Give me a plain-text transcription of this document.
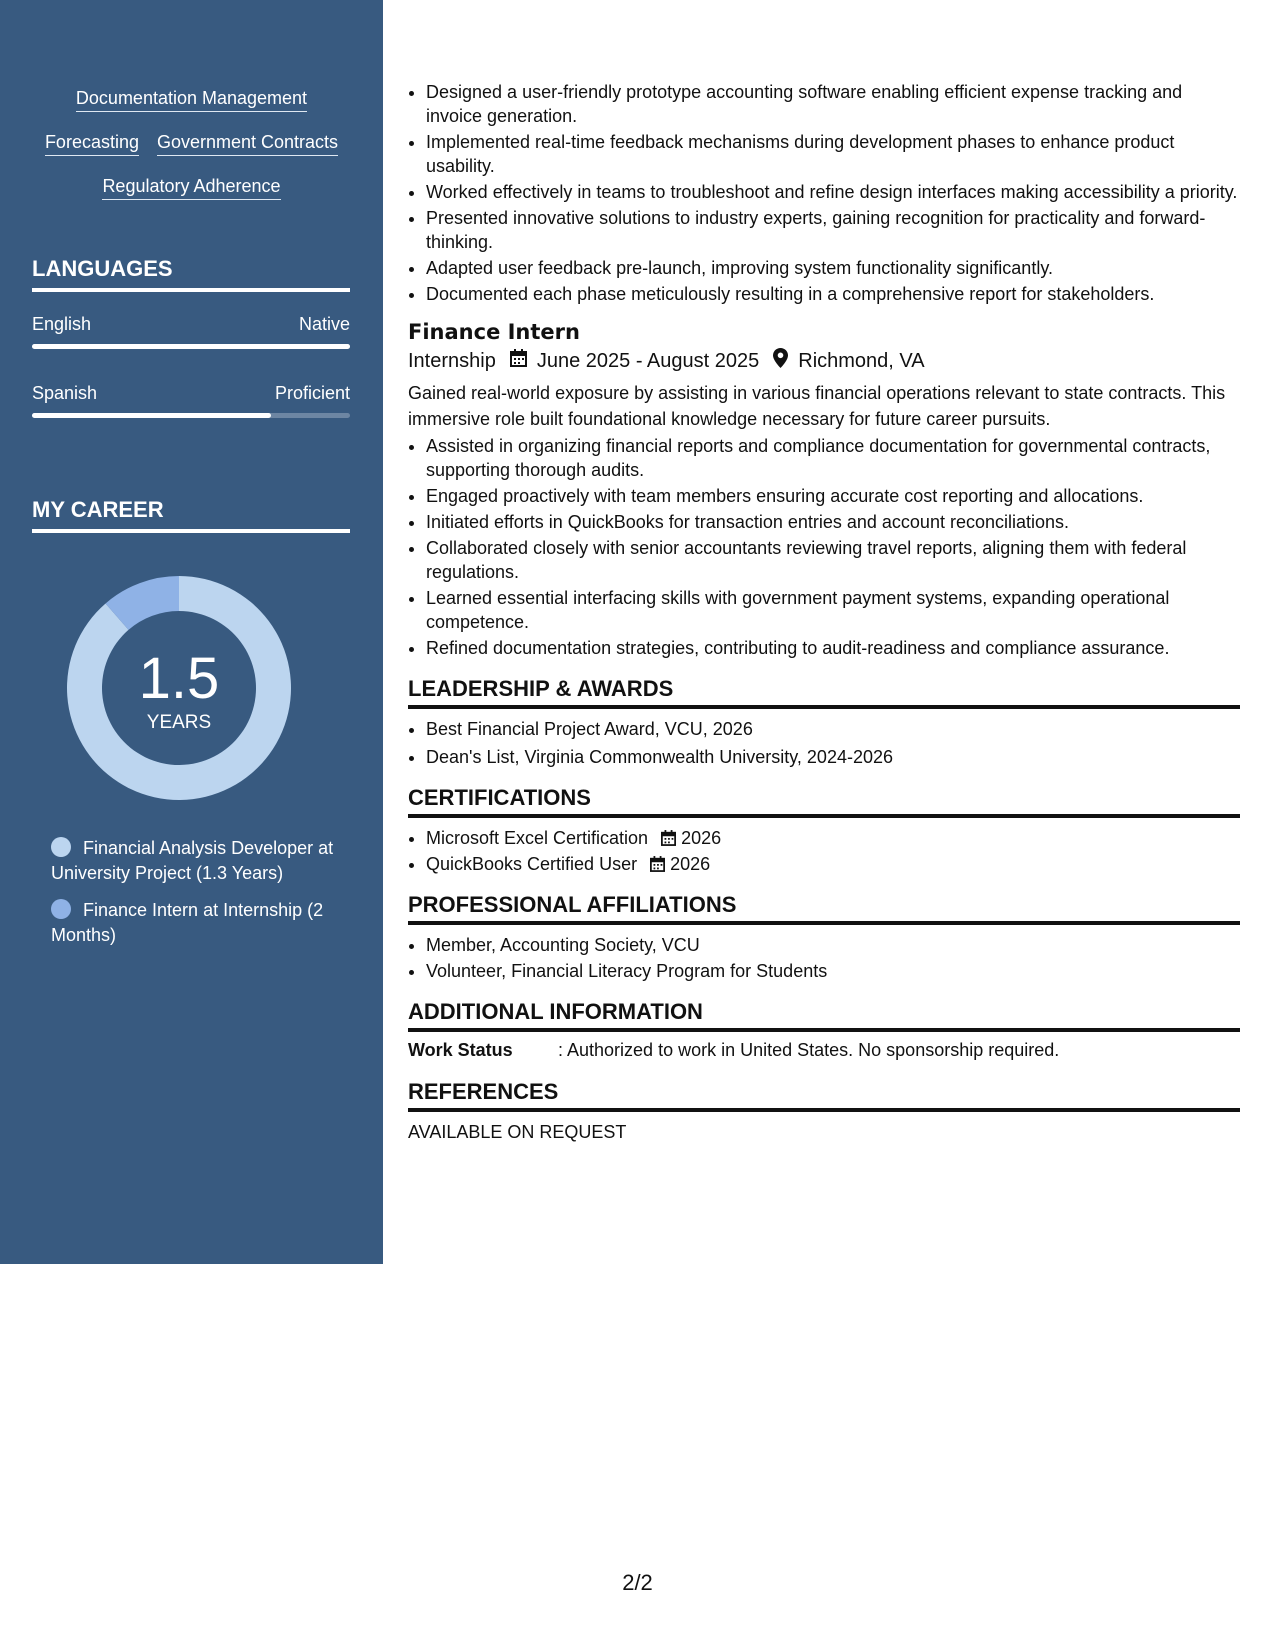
Documentation Management
Forecasting Government Contracts
Regulatory Adherence
LANGUAGES
English	Native
Spanish	Proficient
MY CAREER
1.5
YEARS
Financial Analysis Developer at University Project (1.3 Years)
Finance Intern at Internship (2 Months)
• Designed a user-friendly prototype accounting software enabling efficient expense tracking and invoice generation.
• Implemented real-time feedback mechanisms during development phases to enhance product usability.
• Worked effectively in teams to troubleshoot and refine design interfaces making accessibility a priority.
• Presented innovative solutions to industry experts, gaining recognition for practicality and forward-thinking.
• Adapted user feedback pre-launch, improving system functionality significantly.
• Documented each phase meticulously resulting in a comprehensive report for stakeholders.
Finance Intern
Internship June 2025 - August 2025 Richmond, VA
Gained real-world exposure by assisting in various financial operations relevant to state contracts. This immersive role built foundational knowledge necessary for future career pursuits.
• Assisted in organizing financial reports and compliance documentation for governmental contracts, supporting thorough audits.
• Engaged proactively with team members ensuring accurate cost reporting and allocations.
• Initiated efforts in QuickBooks for transaction entries and account reconciliations.
• Collaborated closely with senior accountants reviewing travel reports, aligning them with federal regulations.
• Learned essential interfacing skills with government payment systems, expanding operational competence.
• Refined documentation strategies, contributing to audit-readiness and compliance assurance.
LEADERSHIP & AWARDS
• Best Financial Project Award, VCU, 2026
• Dean's List, Virginia Commonwealth University, 2024-2026
CERTIFICATIONS
• Microsoft Excel Certification 2026
• QuickBooks Certified User 2026
PROFESSIONAL AFFILIATIONS
• Member, Accounting Society, VCU
• Volunteer, Financial Literacy Program for Students
ADDITIONAL INFORMATION
Work Status	: Authorized to work in United States. No sponsorship required.
REFERENCES
AVAILABLE ON REQUEST
2/2
